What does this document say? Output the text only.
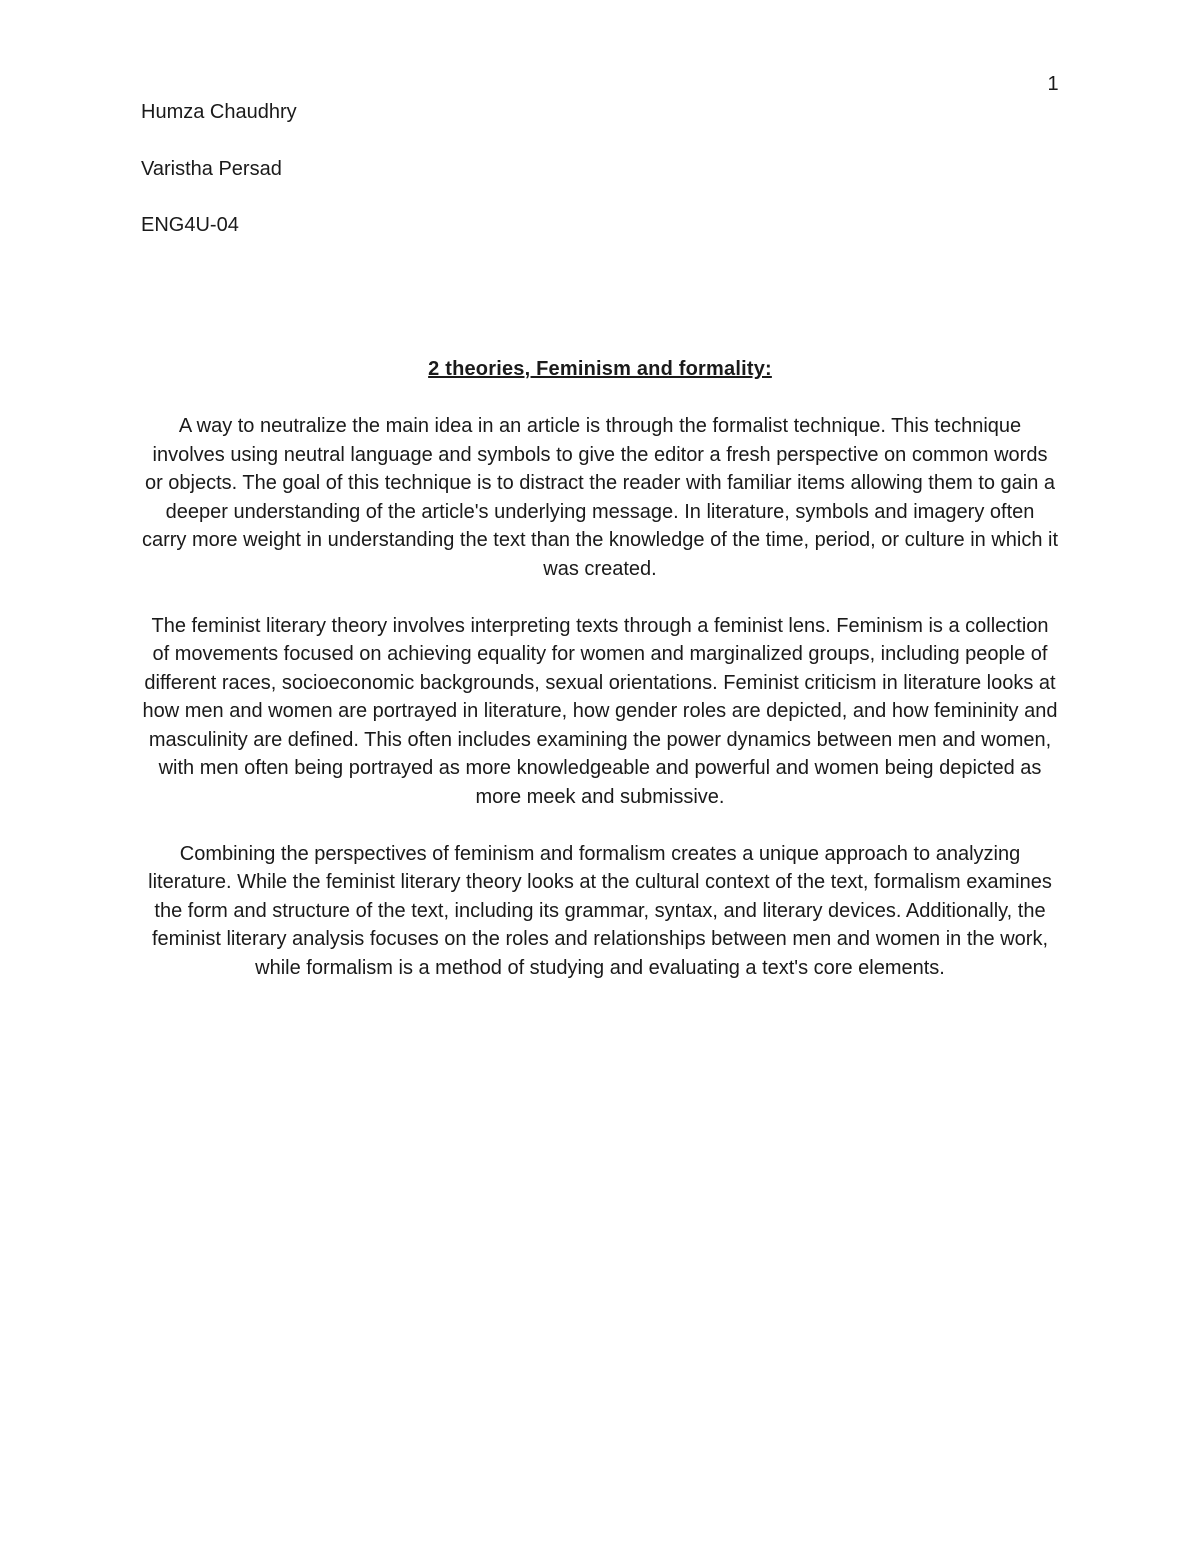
1
Humza Chaudhry
Varistha Persad
ENG4U-04
2 theories, Feminism and formality:

A way to neutralize the main idea in an article is through the formalist technique. This technique involves using neutral language and symbols to give the editor a fresh perspective on common words or objects. The goal of this technique is to distract the reader with familiar items allowing them to gain a deeper understanding of the article's underlying message. In literature, symbols and imagery often carry more weight in understanding the text than the knowledge of the time, period, or culture in which it was created.

The feminist literary theory involves interpreting texts through a feminist lens. Feminism is a collection of movements focused on achieving equality for women and marginalized groups, including people of different races, socioeconomic backgrounds, sexual orientations. Feminist criticism in literature looks at how men and women are portrayed in literature, how gender roles are depicted, and how femininity and masculinity are defined. This often includes examining the power dynamics between men and women, with men often being portrayed as more knowledgeable and powerful and women being depicted as more meek and submissive.

Combining the perspectives of feminism and formalism creates a unique approach to analyzing literature. While the feminist literary theory looks at the cultural context of the text, formalism examines the form and structure of the text, including its grammar, syntax, and literary devices. Additionally, the feminist literary analysis focuses on the roles and relationships between men and women in the work, while formalism is a method of studying and evaluating a text's core elements.
